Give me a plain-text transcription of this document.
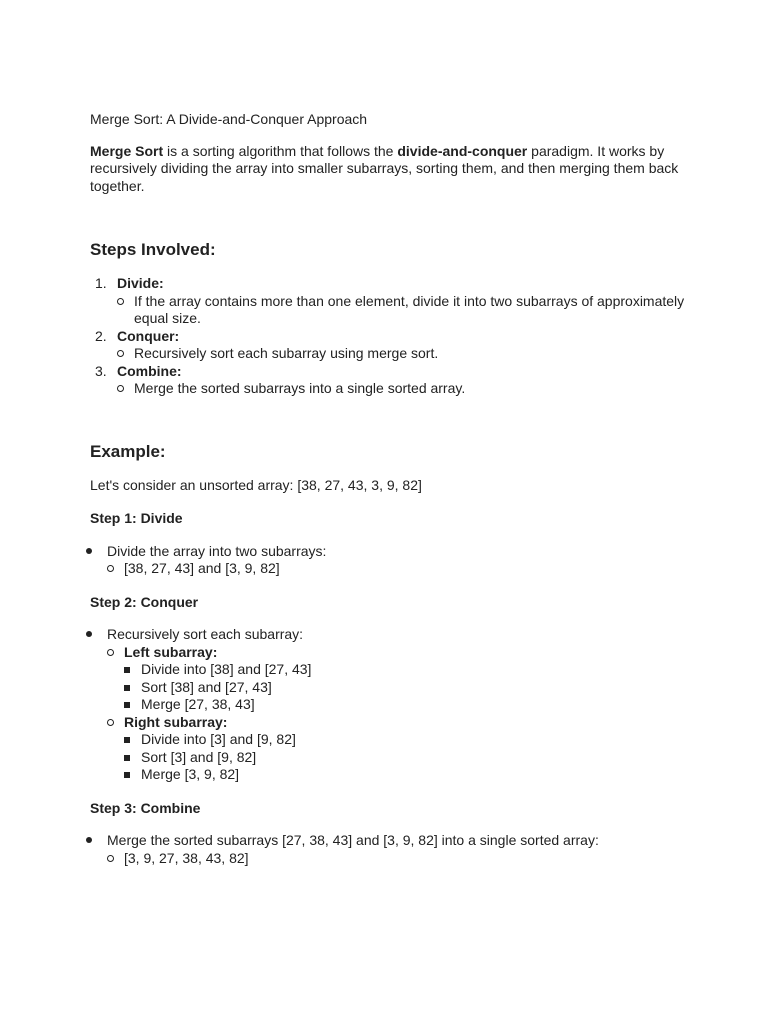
Merge Sort: A Divide-and-Conquer Approach

Merge Sort is a sorting algorithm that follows the divide-and-conquer paradigm. It works by recursively dividing the array into smaller subarrays, sorting them, and then merging them back together.

Steps Involved:
1. Divide:
If the array contains more than one element, divide it into two subarrays of approximately equal size.
2. Conquer:
Recursively sort each subarray using merge sort.
3. Combine:
Merge the sorted subarrays into a single sorted array.
Example:

Let's consider an unsorted array: [38, 27, 43, 3, 9, 82]

Step 1: Divide

Divide the array into two subarrays:
[38, 27, 43] and [3, 9, 82]

Step 2: Conquer

Recursively sort each subarray:
Left subarray:
Divide into [38] and [27, 43]
Sort [38] and [27, 43]
Merge [27, 38, 43]
Right subarray:
Divide into [3] and [9, 82]
Sort [3] and [9, 82]
Merge [3, 9, 82]

Step 3: Combine

Merge the sorted subarrays [27, 38, 43] and [3, 9, 82] into a single sorted array:
[3, 9, 27, 38, 43, 82]
